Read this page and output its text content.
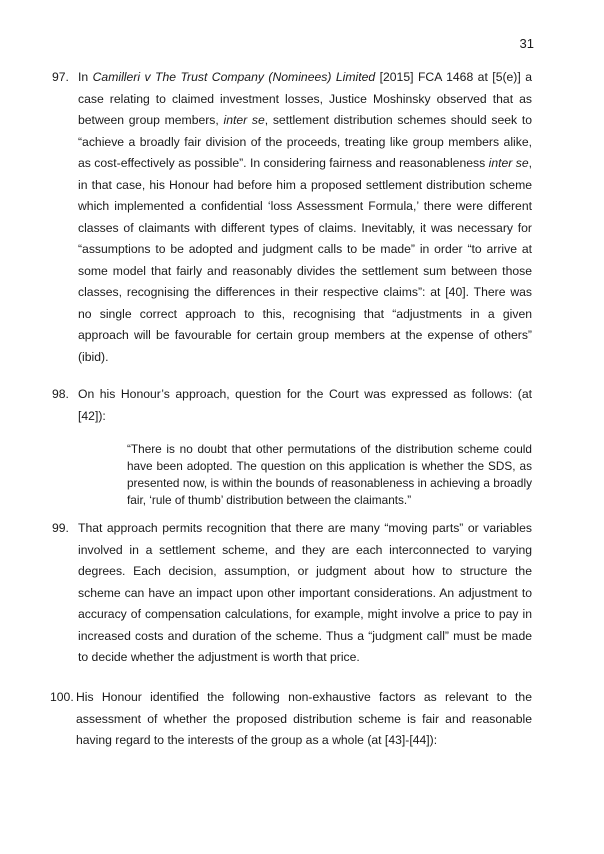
31
97. In Camilleri v The Trust Company (Nominees) Limited [2015] FCA 1468 at [5(e)] a case relating to claimed investment losses, Justice Moshinsky observed that as between group members, inter se, settlement distribution schemes should seek to “achieve a broadly fair division of the proceeds, treating like group members alike, as cost-effectively as possible”. In considering fairness and reasonableness inter se, in that case, his Honour had before him a proposed settlement distribution scheme which implemented a confidential ‘loss Assessment Formula,’ there were different classes of claimants with different types of claims. Inevitably, it was necessary for “assumptions to be adopted and judgment calls to be made” in order “to arrive at some model that fairly and reasonably divides the settlement sum between those classes, recognising the differences in their respective claims”: at [40]. There was no single correct approach to this, recognising that “adjustments in a given approach will be favourable for certain group members at the expense of others” (ibid).
98. On his Honour’s approach, question for the Court was expressed as follows: (at [42]):
“There is no doubt that other permutations of the distribution scheme could have been adopted. The question on this application is whether the SDS, as presented now, is within the bounds of reasonableness in achieving a broadly fair, ‘rule of thumb’ distribution between the claimants.”
99. That approach permits recognition that there are many “moving parts” or variables involved in a settlement scheme, and they are each interconnected to varying degrees. Each decision, assumption, or judgment about how to structure the scheme can have an impact upon other important considerations. An adjustment to accuracy of compensation calculations, for example, might involve a price to pay in increased costs and duration of the scheme. Thus a “judgment call” must be made to decide whether the adjustment is worth that price.
100. His Honour identified the following non-exhaustive factors as relevant to the assessment of whether the proposed distribution scheme is fair and reasonable having regard to the interests of the group as a whole (at [43]-[44]):
